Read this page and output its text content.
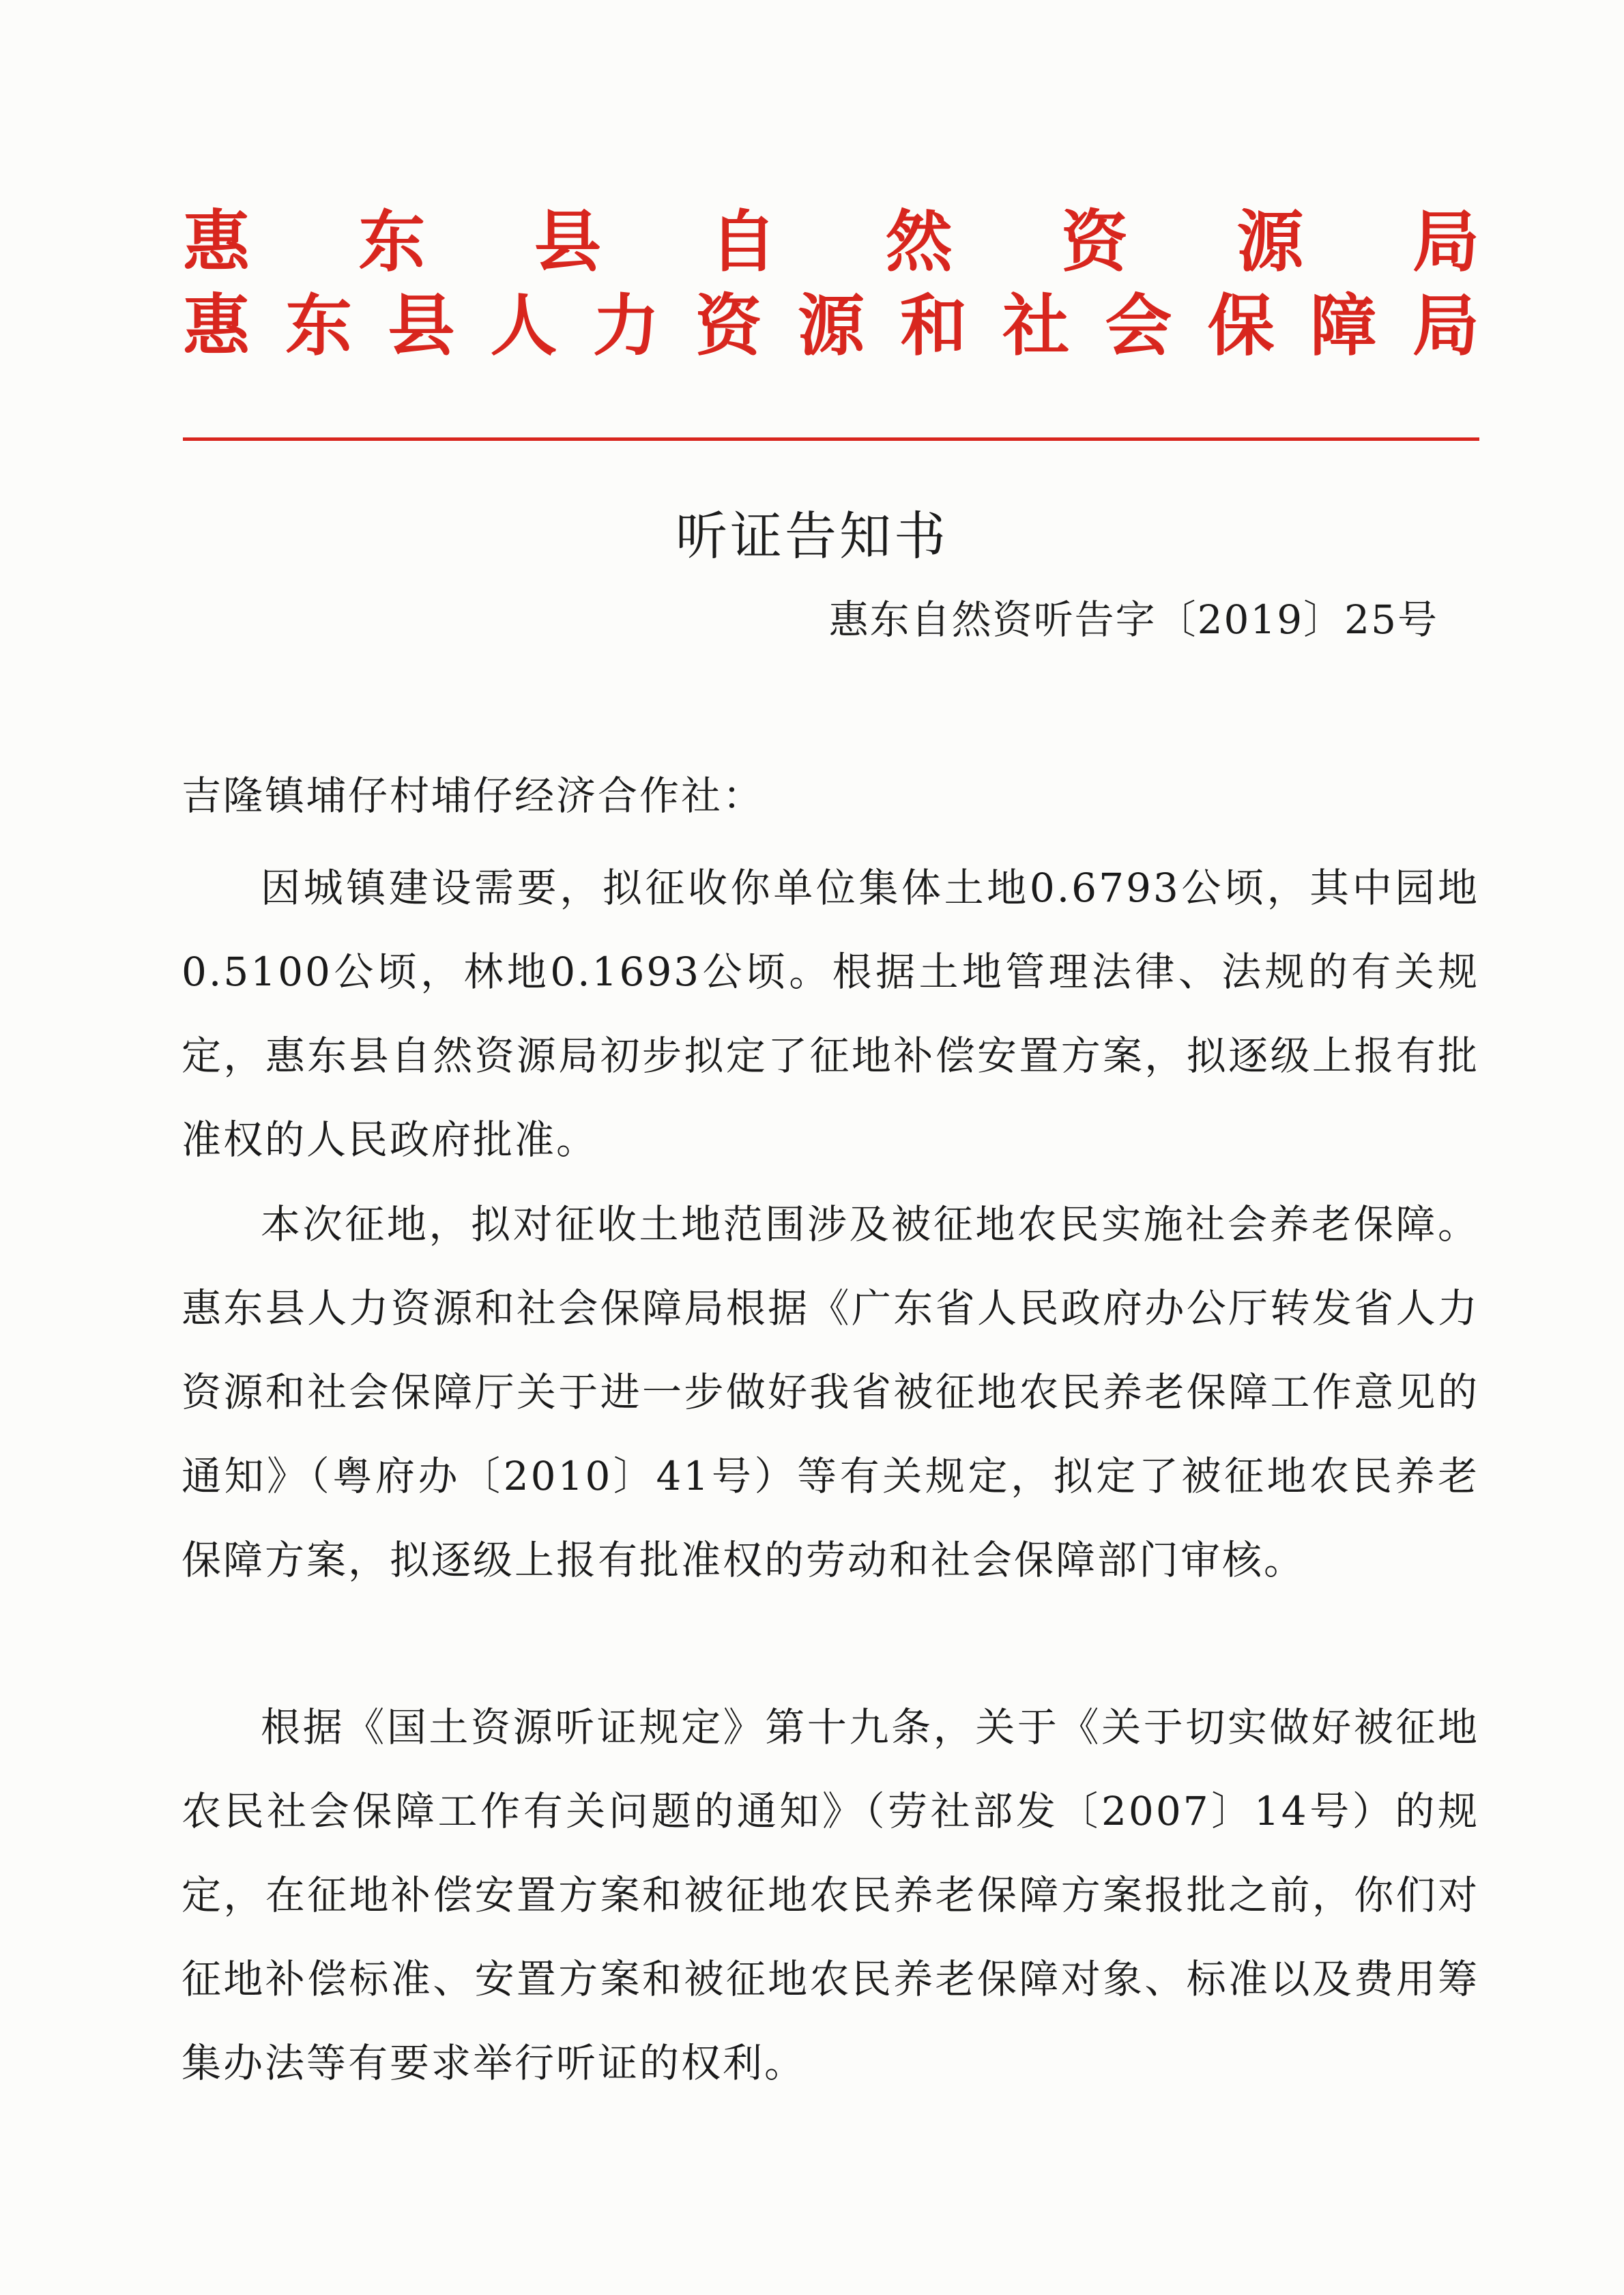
惠 东 县 自 然 资 源 局
惠 东 县 人 力 资 源 和 社 会 保 障 局
听证告知书
惠东自然资听告字〔2019〕25号
吉隆镇埔仔村埔仔经济合作社：

因城镇建设需要，拟征收你单位集体土地0.6793公顷，其中园地0.5100公顷，林地0.1693公顷。根据土地管理法律、法规的有关规定，惠东县自然资源局初步拟定了征地补偿安置方案，拟逐级上报有批准权的人民政府批准。

本次征地，拟对征收土地范围涉及被征地农民实施社会养老保障。惠东县人力资源和社会保障局根据《广东省人民政府办公厅转发省人力资源和社会保障厅关于进一步做好我省被征地农民养老保障工作意见的通知》（粤府办〔2010〕41号）等有关规定，拟定了被征地农民养老保障方案，拟逐级上报有批准权的劳动和社会保障部门审核。

根据《国土资源听证规定》第十九条，关于《关于切实做好被征地农民社会保障工作有关问题的通知》（劳社部发〔2007〕14号）的规定，在征地补偿安置方案和被征地农民养老保障方案报批之前，你们对征地补偿标准、安置方案和被征地农民养老保障对象、标准以及费用筹集办法等有要求举行听证的权利。
